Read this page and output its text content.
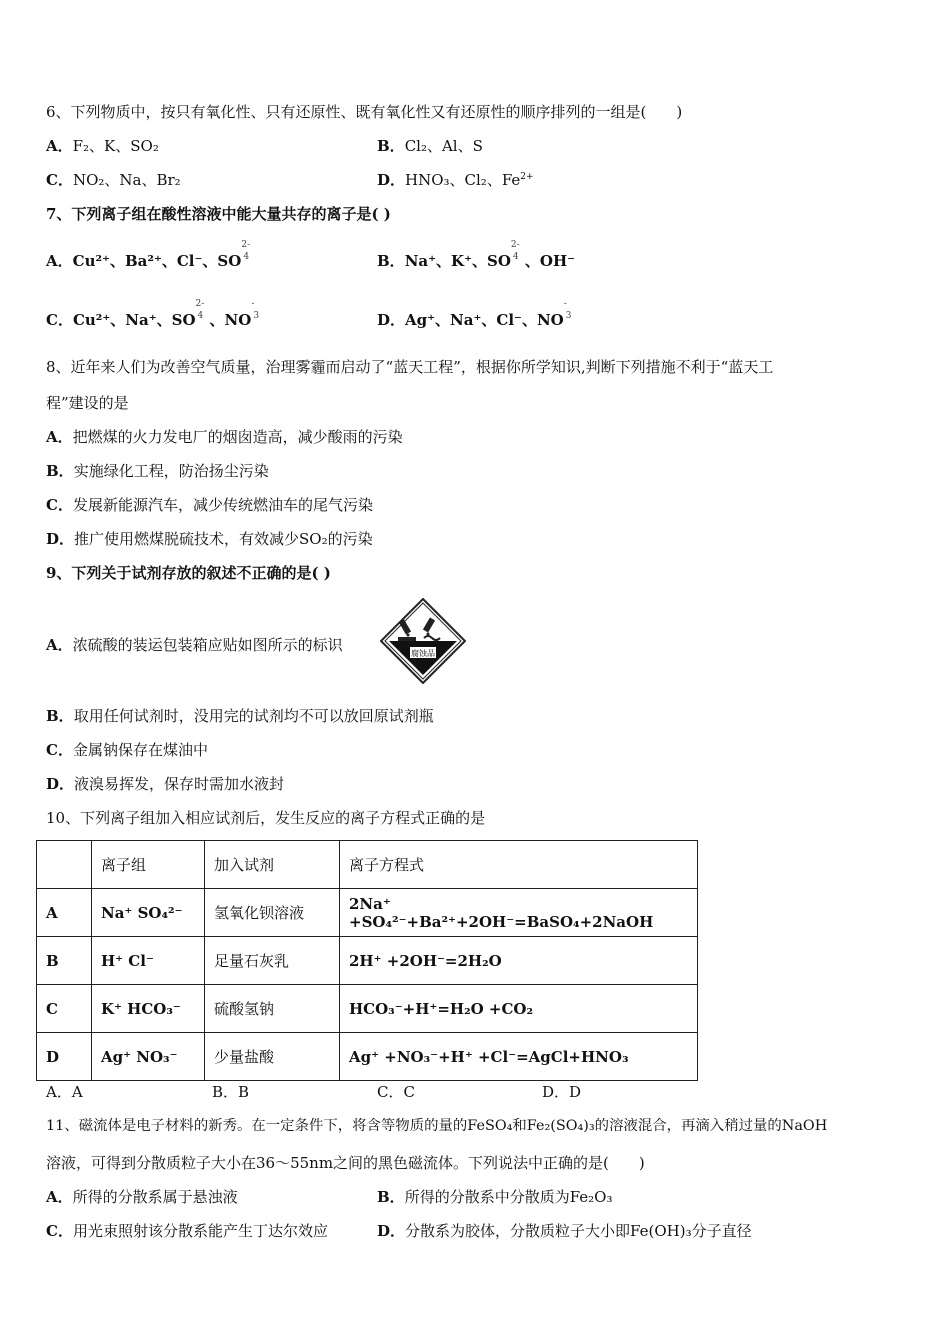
6、下列物质中，按只有氧化性、只有还原性、既有氧化性又有还原性的顺序排列的一组是(　　)
A．F₂、K、SO₂	B．Cl₂、Al、S
C．NO₂、Na、Br₂	D．HNO₃、Cl₂、$Fe^{2+}$
7、下列离子组在酸性溶液中能大量共存的离子是( )
A．Cu²⁺、Ba²⁺、Cl⁻、SO
2-
4	B．Na⁺、K⁺、SO
2-
4 、OH⁻
C．Cu²⁺、Na⁺、SO
2-
4 、NO
-
3	D．Ag⁺、Na⁺、Cl⁻、NO
-
3
8、近年来人们为改善空气质量，治理雾霾而启动了“蓝天工程”，根据你所学知识,判断下列措施不利于“蓝天工
程”建设的是
A．把燃煤的火力发电厂的烟囱造高，减少酸雨的污染
B．实施绿化工程，防治扬尘污染
C．发展新能源汽车，减少传统燃油车的尾气污染
D．推广使用燃煤脱硫技术，有效减少SO₂的污染
9、下列关于试剂存放的叙述不正确的是( )
A．浓硫酸的装运包装箱应贴如图所示的标识	腐蚀品
B．取用任何试剂时，没用完的试剂均不可以放回原试剂瓶
C．金属钠保存在煤油中
D．液溴易挥发，保存时需加水液封
10、下列离子组加入相应试剂后，发生反应的离子方程式正确的是
	离子组	加入试剂	离子方程式
A	Na⁺ SO₄²⁻	氢氧化钡溶液	2Na⁺ +SO₄²⁻+Ba²⁺+2OH⁻=BaSO₄+2NaOH
B	H⁺ Cl⁻	足量石灰乳	2H⁺ +2OH⁻=2H₂O
C	K⁺ HCO₃⁻	硫酸氢钠	HCO₃⁻+H⁺=H₂O +CO₂
D	Ag⁺ NO₃⁻	少量盐酸	Ag⁺ +NO₃⁻+H⁺ +Cl⁻=AgCl+HNO₃
A．A	B．B	C．C	D．D
11、磁流体是电子材料的新秀。在一定条件下，将含等物质的量的FeSO₄和Fe₂(SO₄)₃的溶液混合，再滴入稍过量的NaOH
溶液，可得到分散质粒子大小在36～55nm之间的黑色磁流体。下列说法中正确的是(　　)
A．所得的分散系属于悬浊液	B．所得的分散系中分散质为Fe₂O₃
C．用光束照射该分散系能产生丁达尔效应	D．分散系为胶体，分散质粒子大小即Fe(OH)₃分子直径
